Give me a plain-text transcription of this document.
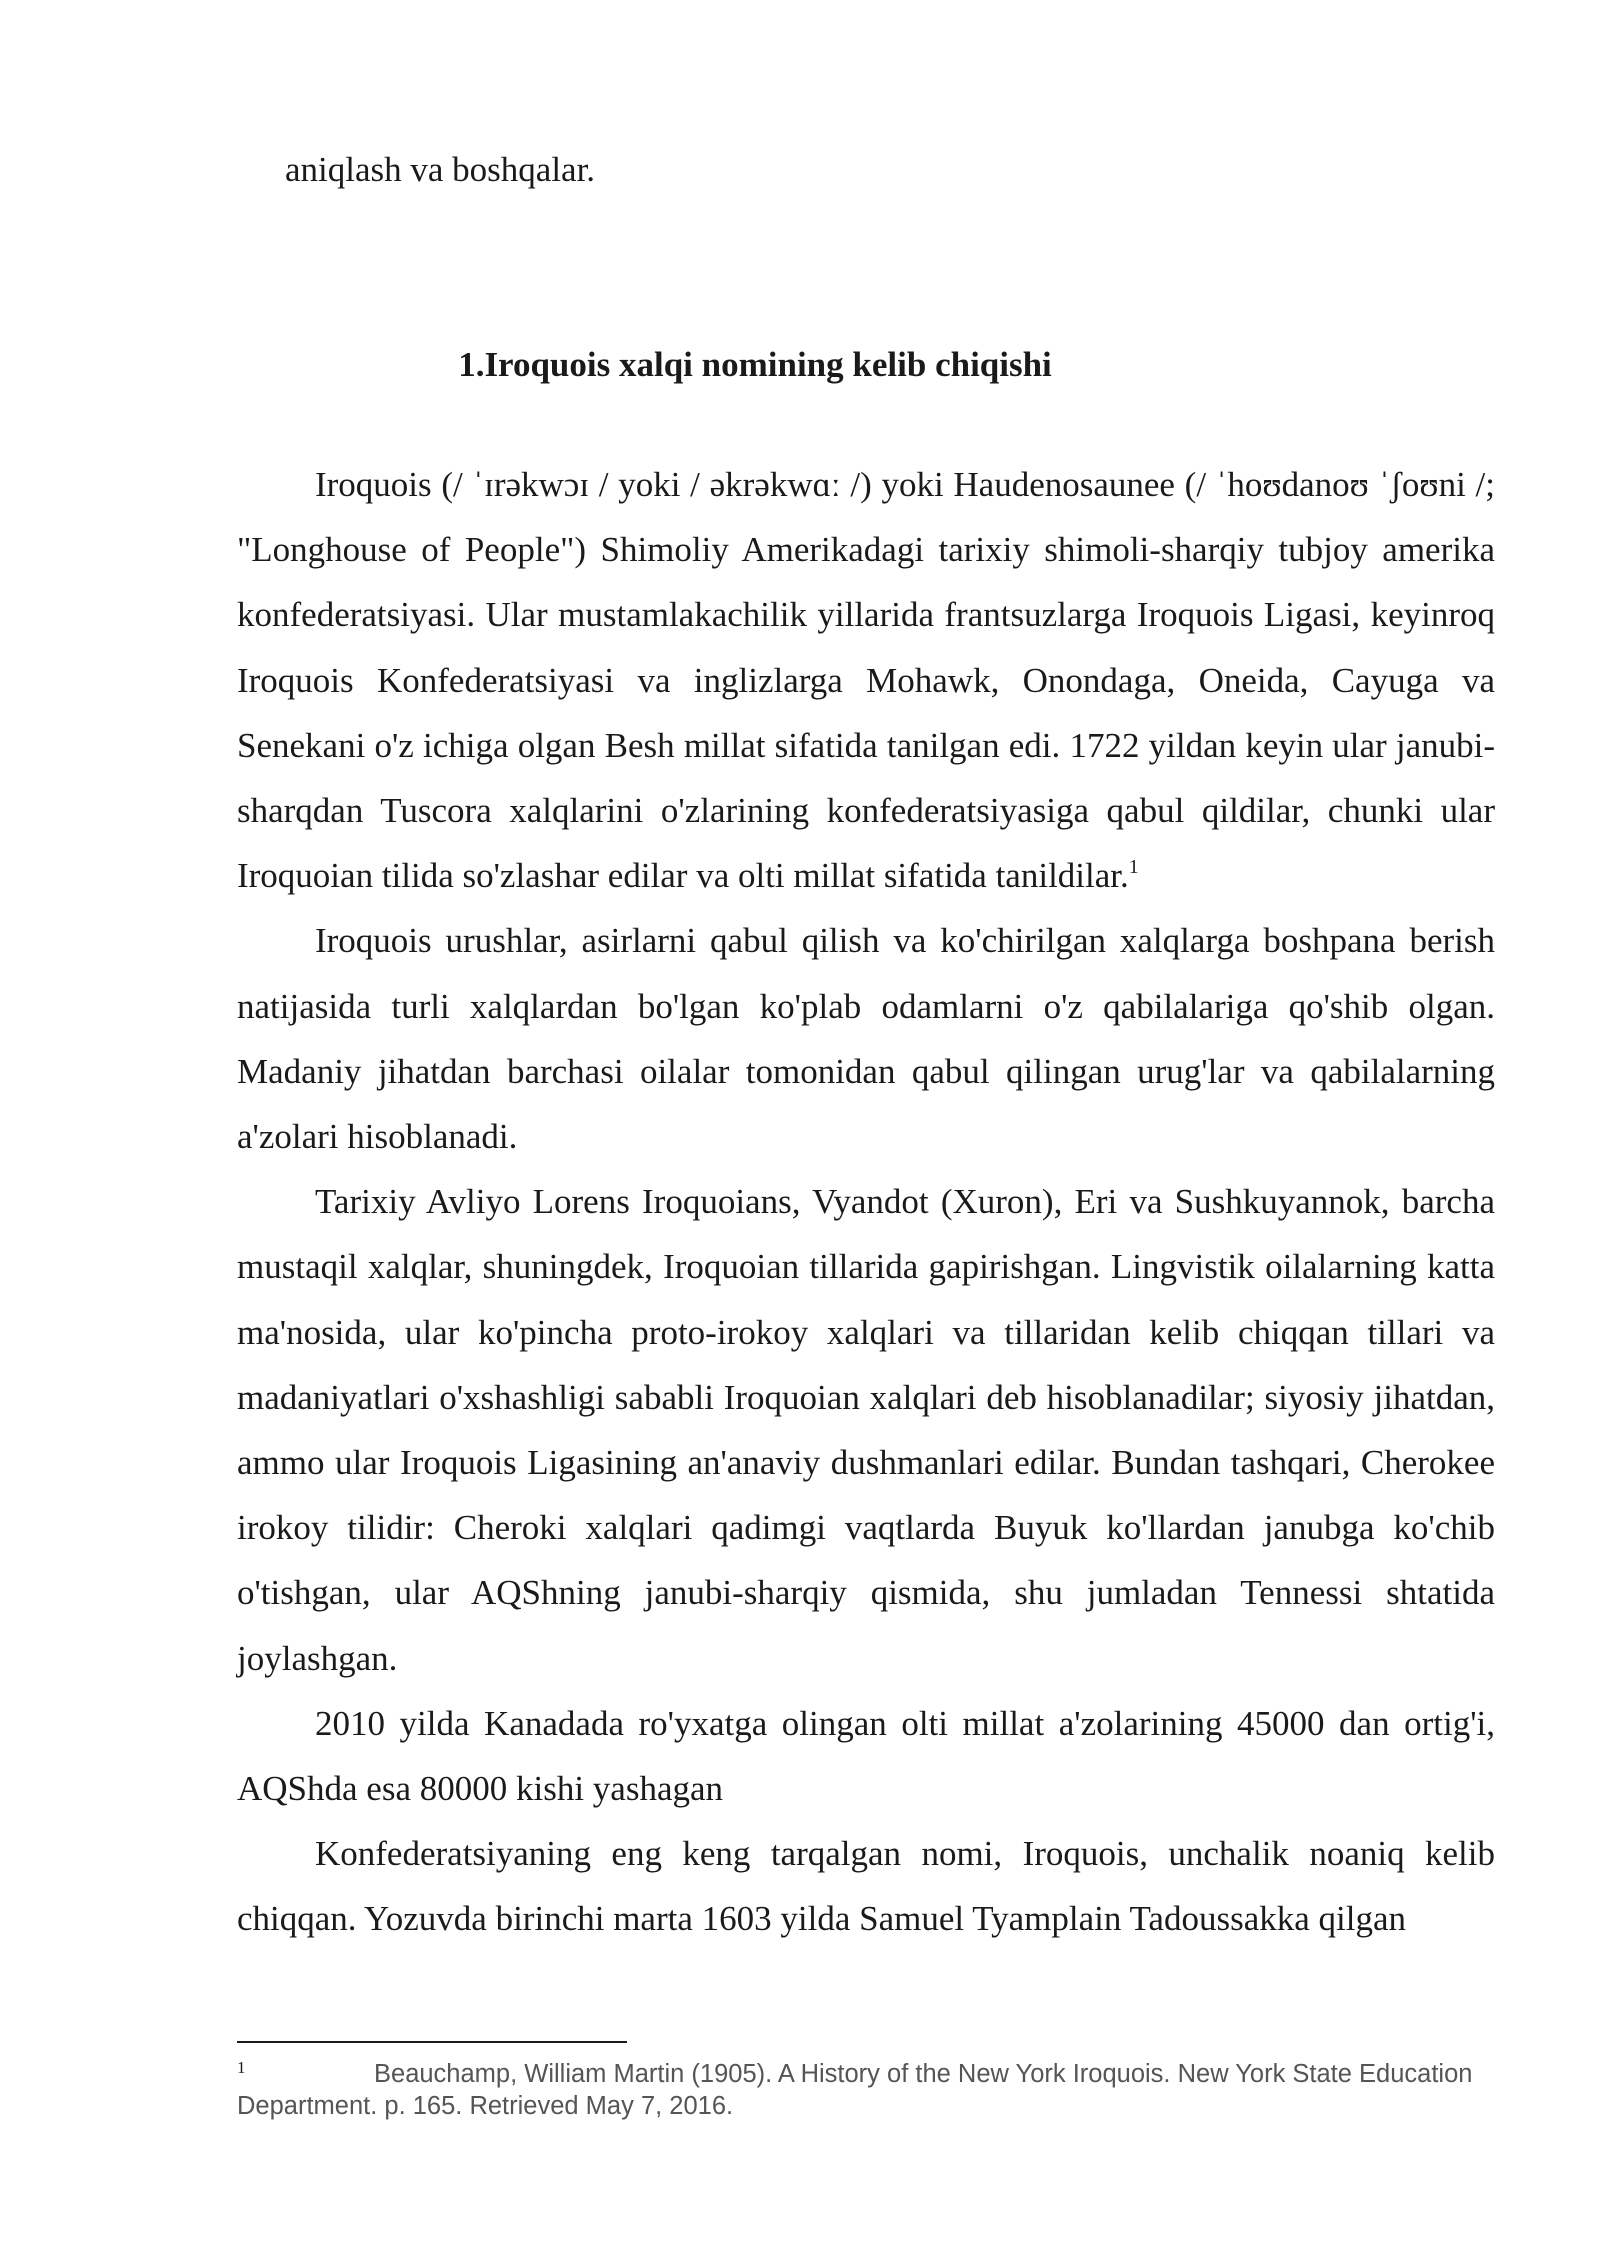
aniqlash va boshqalar.
1.Iroquois xalqi nomining kelib chiqishi

Iroquois (/ ˈɪrəkwɔɪ / yoki / əkrəkwɑː /) yoki Haudenosaunee (/ ˈhoʊdanoʊ ˈʃoʊni /; "Longhouse of People") Shimoliy Amerikadagi tarixiy shimoli-sharqiy tubjoy amerika konfederatsiyasi. Ular mustamlakachilik yillarida frantsuzlarga Iroquois Ligasi, keyinroq Iroquois Konfederatsiyasi va inglizlarga Mohawk, Onondaga, Oneida, Cayuga va Senekani o'z ichiga olgan Besh millat sifatida tanilgan edi. 1722 yildan keyin ular janubi-sharqdan Tuscora xalqlarini o'zlarining konfederatsiyasiga qabul qildilar, chunki ular Iroquoian tilida so'zlashar edilar va olti millat sifatida tanildilar.$^1$

Iroquois urushlar, asirlarni qabul qilish va ko'chirilgan xalqlarga boshpana berish natijasida turli xalqlardan bo'lgan ko'plab odamlarni o'z qabilalariga qo'shib olgan. Madaniy jihatdan barchasi oilalar tomonidan qabul qilingan urug'lar va qabilalarning a'zolari hisoblanadi.

Tarixiy Avliyo Lorens Iroquoians, Vyandot (Xuron), Eri va Sushkuyannok, barcha mustaqil xalqlar, shuningdek, Iroquoian tillarida gapirishgan. Lingvistik oilalarning katta ma'nosida, ular ko'pincha proto-irokoy xalqlari va tillaridan kelib chiqqan tillari va madaniyatlari o'xshashligi sababli Iroquoian xalqlari deb hisoblanadilar; siyosiy jihatdan, ammo ular Iroquois Ligasining an'anaviy dushmanlari edilar. Bundan tashqari, Cherokee irokoy tilidir: Cheroki xalqlari qadimgi vaqtlarda Buyuk ko'llardan janubga ko'chib o'tishgan, ular AQShning janubi-sharqiy qismida, shu jumladan Tennessi shtatida joylashgan.

2010 yilda Kanadada ro'yxatga olingan olti millat a'zolarining 45000 dan ortig'i, AQShda esa 80000 kishi yashagan

Konfederatsiyaning eng keng tarqalgan nomi, Iroquois, unchalik noaniq kelib chiqqan. Yozuvda birinchi marta 1603 yilda Samuel Tyamplain Tadoussakka qilgan

1	Beauchamp, William Martin (1905). A History of the New York Iroquois. New York State Education Department. p. 165. Retrieved May 7, 2016.
